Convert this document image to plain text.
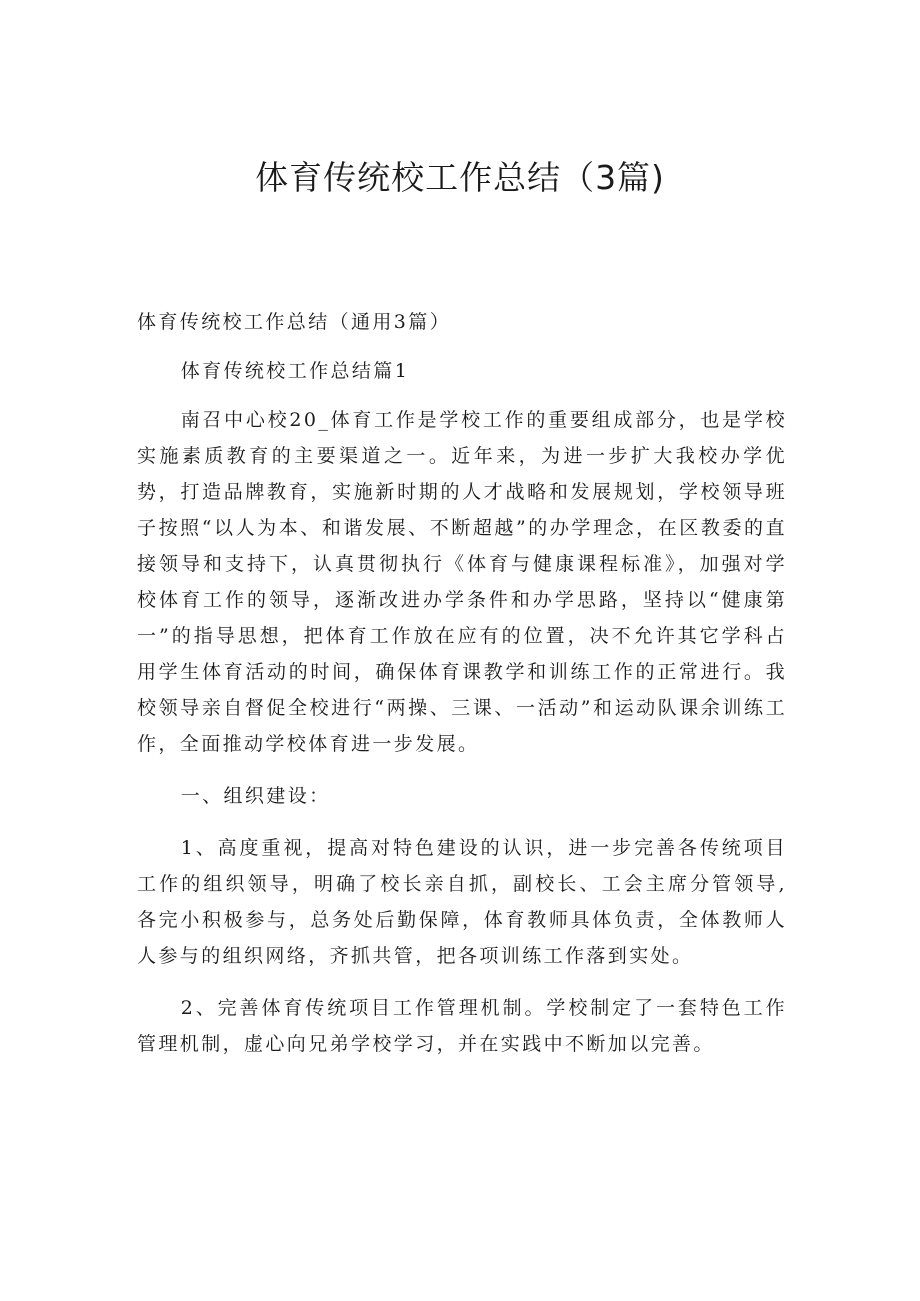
体育传统校工作总结（3篇)

体育传统校工作总结（通用3篇）

体育传统校工作总结篇1

南召中心校20_体育工作是学校工作的重要组成部分，也是学校实施素质教育的主要渠道之一。近年来，为进一步扩大我校办学优势，打造品牌教育，实施新时期的人才战略和发展规划，学校领导班子按照“以人为本、和谐发展、不断超越”的办学理念，在区教委的直接领导和支持下，认真贯彻执行《体育与健康课程标准》，加强对学校体育工作的领导，逐渐改进办学条件和办学思路，坚持以“健康第一”的指导思想，把体育工作放在应有的位置，决不允许其它学科占用学生体育活动的时间，确保体育课教学和训练工作的正常进行。我校领导亲自督促全校进行“两操、三课、一活动”和运动队课余训练工作，全面推动学校体育进一步发展。

一、组织建设：

1、高度重视，提高对特色建设的认识，进一步完善各传统项目工作的组织领导，明确了校长亲自抓，副校长、工会主席分管领导,各完小积极参与，总务处后勤保障，体育教师具体负责，全体教师人人参与的组织网络，齐抓共管，把各项训练工作落到实处。

2、完善体育传统项目工作管理机制。学校制定了一套特色工作管理机制，虚心向兄弟学校学习，并在实践中不断加以完善。
